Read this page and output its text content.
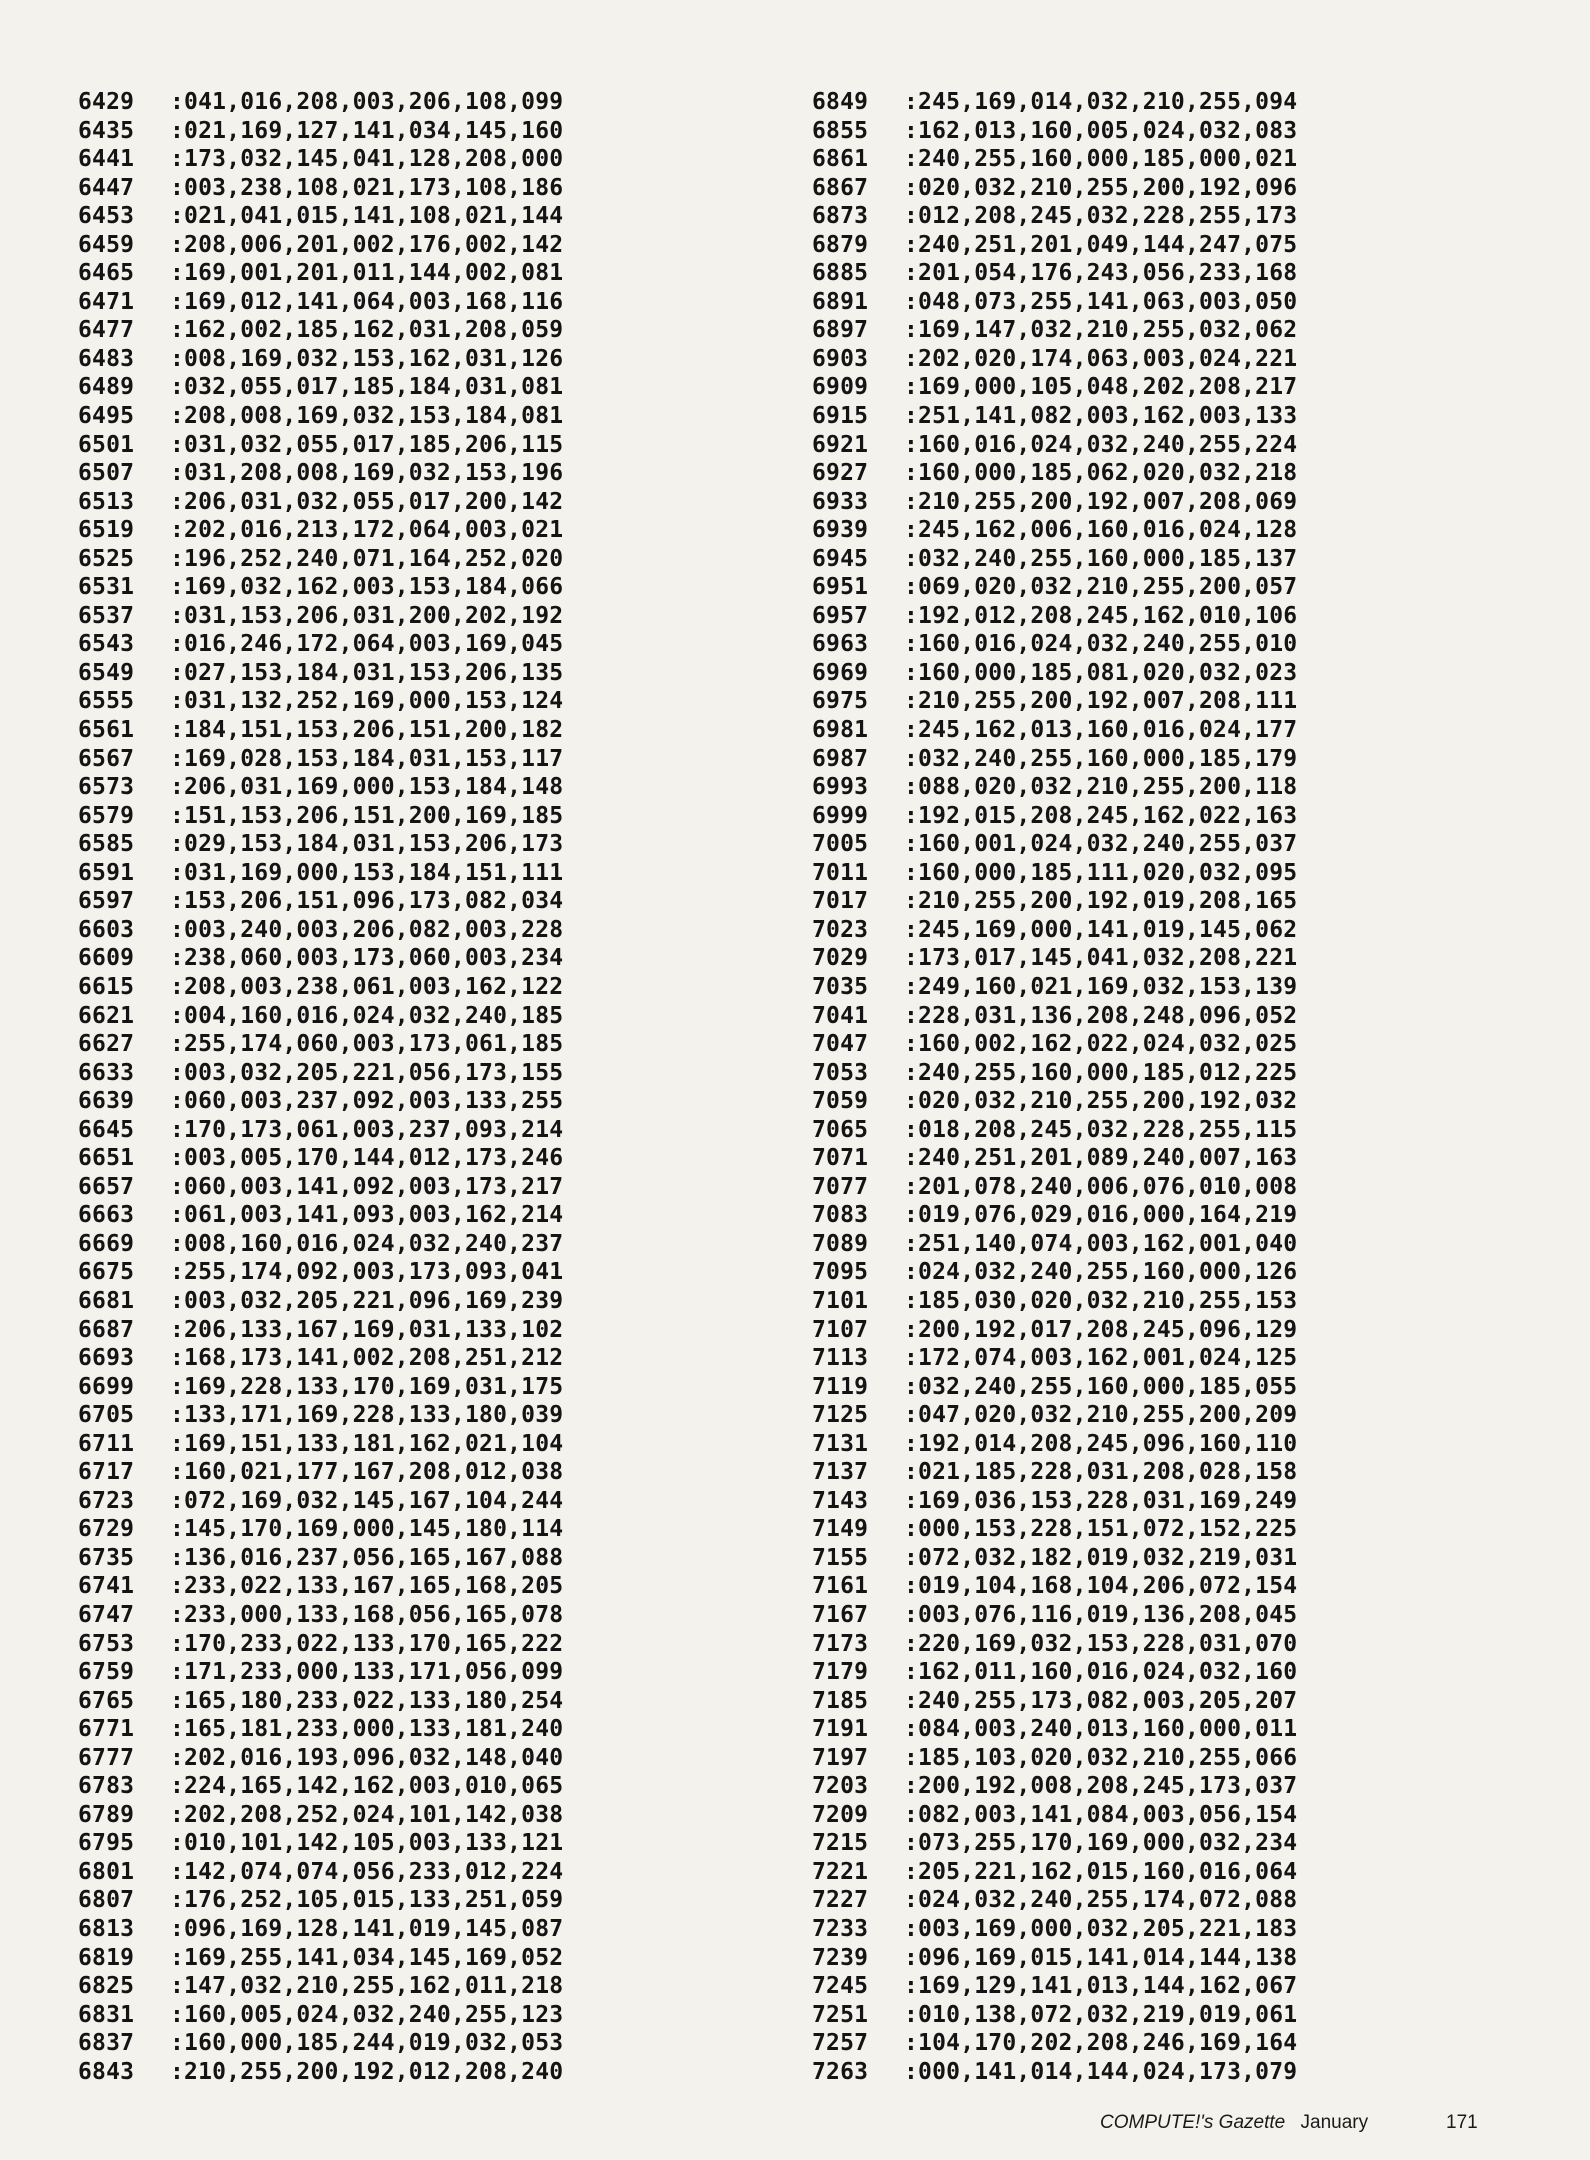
6429 :041,016,208,003,206,108,099
6435 :021,169,127,141,034,145,160
6441 :173,032,145,041,128,208,000
6447 :003,238,108,021,173,108,186
6453 :021,041,015,141,108,021,144
6459 :208,006,201,002,176,002,142
6465 :169,001,201,011,144,002,081
6471 :169,012,141,064,003,168,116
6477 :162,002,185,162,031,208,059
6483 :008,169,032,153,162,031,126
6489 :032,055,017,185,184,031,081
6495 :208,008,169,032,153,184,081
6501 :031,032,055,017,185,206,115
6507 :031,208,008,169,032,153,196
6513 :206,031,032,055,017,200,142
6519 :202,016,213,172,064,003,021
6525 :196,252,240,071,164,252,020
6531 :169,032,162,003,153,184,066
6537 :031,153,206,031,200,202,192
6543 :016,246,172,064,003,169,045
6549 :027,153,184,031,153,206,135
6555 :031,132,252,169,000,153,124
6561 :184,151,153,206,151,200,182
6567 :169,028,153,184,031,153,117
6573 :206,031,169,000,153,184,148
6579 :151,153,206,151,200,169,185
6585 :029,153,184,031,153,206,173
6591 :031,169,000,153,184,151,111
6597 :153,206,151,096,173,082,034
6603 :003,240,003,206,082,003,228
6609 :238,060,003,173,060,003,234
6615 :208,003,238,061,003,162,122
6621 :004,160,016,024,032,240,185
6627 :255,174,060,003,173,061,185
6633 :003,032,205,221,056,173,155
6639 :060,003,237,092,003,133,255
6645 :170,173,061,003,237,093,214
6651 :003,005,170,144,012,173,246
6657 :060,003,141,092,003,173,217
6663 :061,003,141,093,003,162,214
6669 :008,160,016,024,032,240,237
6675 :255,174,092,003,173,093,041
6681 :003,032,205,221,096,169,239
6687 :206,133,167,169,031,133,102
6693 :168,173,141,002,208,251,212
6699 :169,228,133,170,169,031,175
6705 :133,171,169,228,133,180,039
6711 :169,151,133,181,162,021,104
6717 :160,021,177,167,208,012,038
6723 :072,169,032,145,167,104,244
6729 :145,170,169,000,145,180,114
6735 :136,016,237,056,165,167,088
6741 :233,022,133,167,165,168,205
6747 :233,000,133,168,056,165,078
6753 :170,233,022,133,170,165,222
6759 :171,233,000,133,171,056,099
6765 :165,180,233,022,133,180,254
6771 :165,181,233,000,133,181,240
6777 :202,016,193,096,032,148,040
6783 :224,165,142,162,003,010,065
6789 :202,208,252,024,101,142,038
6795 :010,101,142,105,003,133,121
6801 :142,074,074,056,233,012,224
6807 :176,252,105,015,133,251,059
6813 :096,169,128,141,019,145,087
6819 :169,255,141,034,145,169,052
6825 :147,032,210,255,162,011,218
6831 :160,005,024,032,240,255,123
6837 :160,000,185,244,019,032,053
6843 :210,255,200,192,012,208,240
6849 :245,169,014,032,210,255,094
6855 :162,013,160,005,024,032,083
6861 :240,255,160,000,185,000,021
6867 :020,032,210,255,200,192,096
6873 :012,208,245,032,228,255,173
6879 :240,251,201,049,144,247,075
6885 :201,054,176,243,056,233,168
6891 :048,073,255,141,063,003,050
6897 :169,147,032,210,255,032,062
6903 :202,020,174,063,003,024,221
6909 :169,000,105,048,202,208,217
6915 :251,141,082,003,162,003,133
6921 :160,016,024,032,240,255,224
6927 :160,000,185,062,020,032,218
6933 :210,255,200,192,007,208,069
6939 :245,162,006,160,016,024,128
6945 :032,240,255,160,000,185,137
6951 :069,020,032,210,255,200,057
6957 :192,012,208,245,162,010,106
6963 :160,016,024,032,240,255,010
6969 :160,000,185,081,020,032,023
6975 :210,255,200,192,007,208,111
6981 :245,162,013,160,016,024,177
6987 :032,240,255,160,000,185,179
6993 :088,020,032,210,255,200,118
6999 :192,015,208,245,162,022,163
7005 :160,001,024,032,240,255,037
7011 :160,000,185,111,020,032,095
7017 :210,255,200,192,019,208,165
7023 :245,169,000,141,019,145,062
7029 :173,017,145,041,032,208,221
7035 :249,160,021,169,032,153,139
7041 :228,031,136,208,248,096,052
7047 :160,002,162,022,024,032,025
7053 :240,255,160,000,185,012,225
7059 :020,032,210,255,200,192,032
7065 :018,208,245,032,228,255,115
7071 :240,251,201,089,240,007,163
7077 :201,078,240,006,076,010,008
7083 :019,076,029,016,000,164,219
7089 :251,140,074,003,162,001,040
7095 :024,032,240,255,160,000,126
7101 :185,030,020,032,210,255,153
7107 :200,192,017,208,245,096,129
7113 :172,074,003,162,001,024,125
7119 :032,240,255,160,000,185,055
7125 :047,020,032,210,255,200,209
7131 :192,014,208,245,096,160,110
7137 :021,185,228,031,208,028,158
7143 :169,036,153,228,031,169,249
7149 :000,153,228,151,072,152,225
7155 :072,032,182,019,032,219,031
7161 :019,104,168,104,206,072,154
7167 :003,076,116,019,136,208,045
7173 :220,169,032,153,228,031,070
7179 :162,011,160,016,024,032,160
7185 :240,255,173,082,003,205,207
7191 :084,003,240,013,160,000,011
7197 :185,103,020,032,210,255,066
7203 :200,192,008,208,245,173,037
7209 :082,003,141,084,003,056,154
7215 :073,255,170,169,000,032,234
7221 :205,221,162,015,160,016,064
7227 :024,032,240,255,174,072,088
7233 :003,169,000,032,205,221,183
7239 :096,169,015,141,014,144,138
7245 :169,129,141,013,144,162,067
7251 :010,138,072,032,219,019,061
7257 :104,170,202,208,246,169,164
7263 :000,141,014,144,024,173,079
COMPUTE!'s Gazette January	171
